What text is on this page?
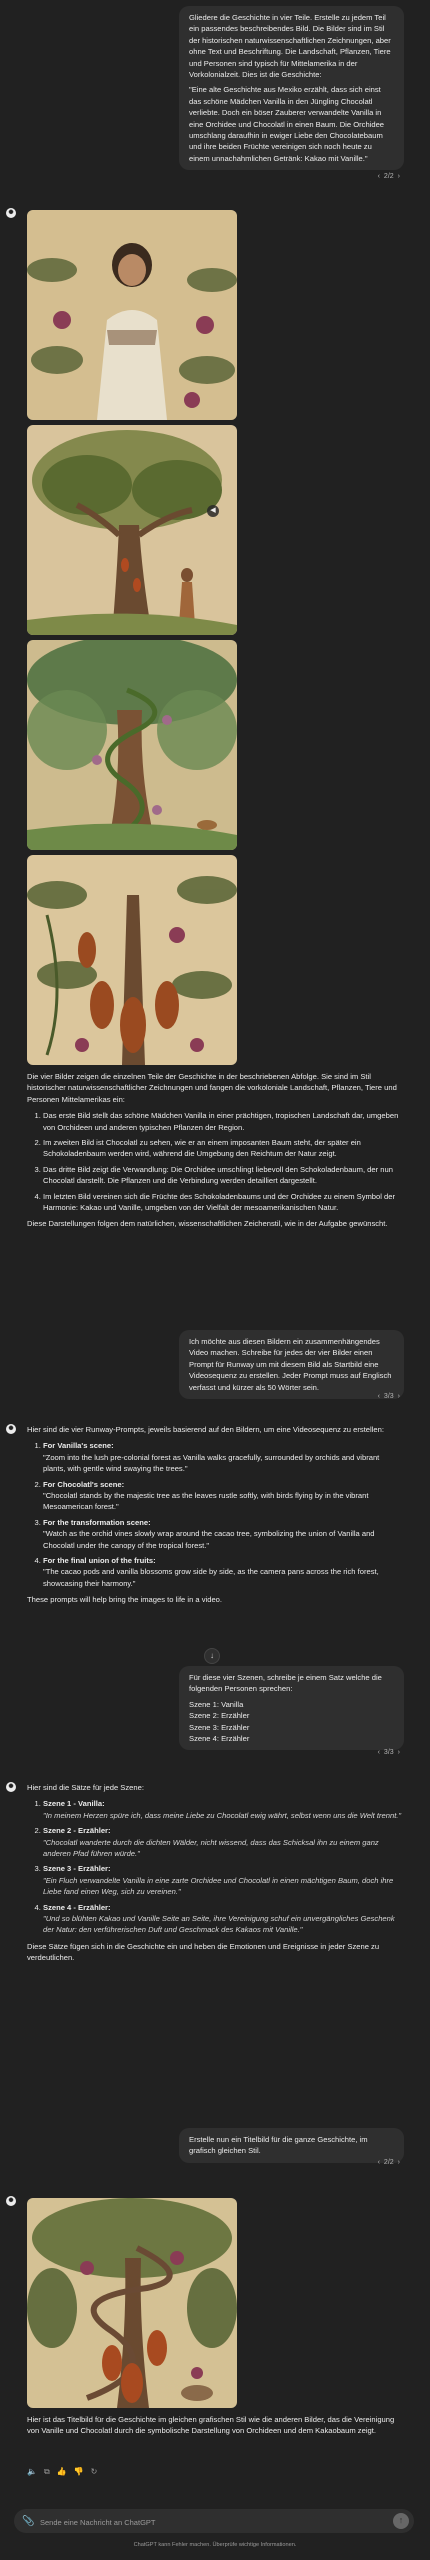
Gliedere die Geschichte in vier Teile. Erstelle zu jedem Teil ein passendes beschreibendes Bild. Die Bilder sind im Stil der historischen naturwissenschaftlichen Zeichnungen, aber ohne Text und Beschriftung. Die Landschaft, Pflanzen, Tiere und Personen sind typisch für Mittelamerika in der Vorkolonialzeit. Dies ist die Geschichte:

"Eine alte Geschichte aus Mexiko erzählt, dass sich einst das schöne Mädchen Vanilla in den Jüngling Chocolatl verliebte. Doch ein böser Zauberer verwandelte Vanilla in eine Orchidee und Chocolatl in einen Baum. Die Orchidee umschlang daraufhin in ewiger Liebe den Chocolatebaum und ihre beiden Früchte vereinigen sich noch heute zu einem unnachahmlichen Getränk: Kakao mit Vanille."

‹ 2/2 ›
✺
◀

Die vier Bilder zeigen die einzelnen Teile der Geschichte in der beschriebenen Abfolge. Sie sind im Stil historischer naturwissenschaftlicher Zeichnungen und fangen die vorkoloniale Landschaft, Pflanzen, Tiere und Personen Mittelamerikas ein:

1. Das erste Bild stellt das schöne Mädchen Vanilla in einer prächtigen, tropischen Landschaft dar, umgeben von Orchideen und anderen typischen Pflanzen der Region.
2. Im zweiten Bild ist Chocolatl zu sehen, wie er an einem imposanten Baum steht, der später ein Schokoladenbaum werden wird, während die Umgebung den Reichtum der Natur zeigt.
3. Das dritte Bild zeigt die Verwandlung: Die Orchidee umschlingt liebevoll den Schokoladenbaum, der nun Chocolatl darstellt. Die Pflanzen und die Verbindung werden detailliert dargestellt.
4. Im letzten Bild vereinen sich die Früchte des Schokoladenbaums und der Orchidee zu einem Symbol der Harmonie: Kakao und Vanille, umgeben von der Vielfalt der mesoamerikanischen Natur.

Diese Darstellungen folgen dem natürlichen, wissenschaftlichen Zeichenstil, wie in der Aufgabe gewünscht.

Ich möchte aus diesen Bildern ein zusammenhängendes Video machen. Schreibe für jedes der vier Bilder einen Prompt für Runway um mit diesem Bild als Startbild eine Videosequenz zu erstellen. Jeder Prompt muss auf Englisch verfasst und kürzer als 50 Wörter sein.

‹ 3/3 ›
✺	Hier sind die vier Runway-Prompts, jeweils basierend auf den Bildern, um eine Videosequenz zu erstellen:

1. For Vanilla's scene:

"Zoom into the lush pre-colonial forest as Vanilla walks gracefully, surrounded by orchids and vibrant plants, with gentle wind swaying the trees."
2. For Chocolatl's scene:

"Chocolatl stands by the majestic tree as the leaves rustle softly, with birds flying by in the vibrant Mesoamerican forest."
3. For the transformation scene:

"Watch as the orchid vines slowly wrap around the cacao tree, symbolizing the union of Vanilla and Chocolatl under the canopy of the tropical forest."
4. For the final union of the fruits:

"The cacao pods and vanilla blossoms grow side by side, as the camera pans across the rich forest, showcasing their harmony."

These prompts will help bring the images to life in a video.

↓

Für diese vier Szenen, schreibe je einem Satz welche die folgenden Personen sprechen:

Szene 1: Vanilla

Szene 2: Erzähler

Szene 3: Erzähler

Szene 4: Erzähler

‹ 3/3 ›
✺	Hier sind die Sätze für jede Szene:

1. Szene 1 - Vanilla:

"In meinem Herzen spüre ich, dass meine Liebe zu Chocolatl ewig währt, selbst wenn uns die Welt trennt."
2. Szene 2 - Erzähler:

"Chocolatl wanderte durch die dichten Wälder, nicht wissend, dass das Schicksal ihn zu einem ganz anderen Pfad führen würde."
3. Szene 3 - Erzähler:

"Ein Fluch verwandelte Vanilla in eine zarte Orchidee und Chocolatl in einen mächtigen Baum, doch ihre Liebe fand einen Weg, sich zu vereinen."
4. Szene 4 - Erzähler:

"Und so blühten Kakao und Vanille Seite an Seite, ihre Vereinigung schuf ein unvergängliches Geschenk der Natur: den verführerischen Duft und Geschmack des Kakaos mit Vanille."

Diese Sätze fügen sich in die Geschichte ein und heben die Emotionen und Ereignisse in jeder Szene zu verdeutlichen.

Erstelle nun ein Titelbild für die ganze Geschichte, im grafisch gleichen Stil.

‹ 2/2 ›
✺

Hier ist das Titelbild für die Geschichte im gleichen grafischen Stil wie die anderen Bilder, das die Vereinigung von Vanille und Chocolatl durch die symbolische Darstellung von Orchideen und dem Kakaobaum zeigt.

🔈 ⧉ 👍 👎 ↻
📎
Sende eine Nachricht an ChatGPT	↑
ChatGPT kann Fehler machen. Überprüfe wichtige Informationen.
